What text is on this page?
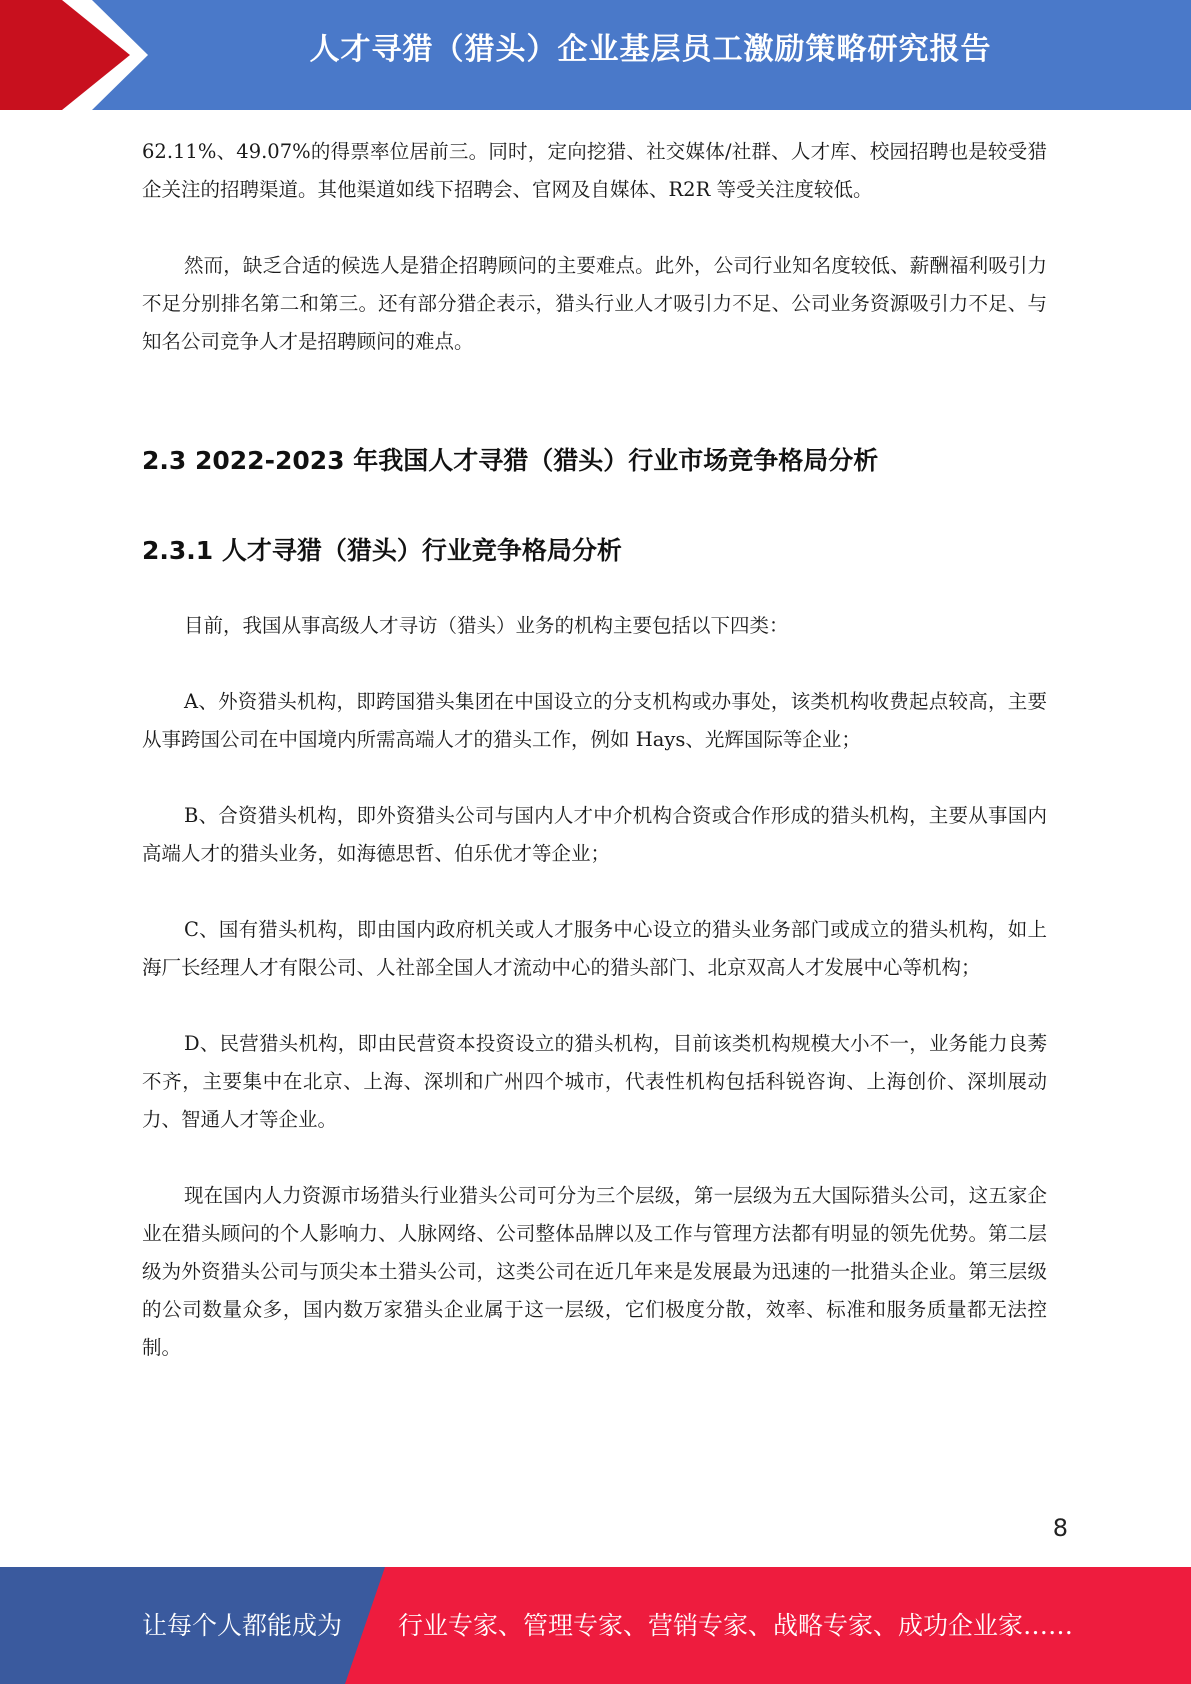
人才寻猎（猎头）企业基层员工激励策略研究报告

62.11%、49.07%的得票率位居前三。同时，定向挖猎、社交媒体/社群、人才库、校园招聘也是较受猎企关注的招聘渠道。其他渠道如线下招聘会、官网及自媒体、R2R 等受关注度较低。

然而，缺乏合适的候选人是猎企招聘顾问的主要难点。此外，公司行业知名度较低、薪酬福利吸引力不足分别排名第二和第三。还有部分猎企表示，猎头行业人才吸引力不足、公司业务资源吸引力不足、与知名公司竞争人才是招聘顾问的难点。

2.3 2022-2023 年我国人才寻猎（猎头）行业市场竞争格局分析
2.3.1 人才寻猎（猎头）行业竞争格局分析

目前，我国从事高级人才寻访（猎头）业务的机构主要包括以下四类：

A、外资猎头机构，即跨国猎头集团在中国设立的分支机构或办事处，该类机构收费起点较高，主要从事跨国公司在中国境内所需高端人才的猎头工作，例如 Hays、光辉国际等企业；

B、合资猎头机构，即外资猎头公司与国内人才中介机构合资或合作形成的猎头机构，主要从事国内高端人才的猎头业务，如海德思哲、伯乐优才等企业；

C、国有猎头机构，即由国内政府机关或人才服务中心设立的猎头业务部门或成立的猎头机构，如上海厂长经理人才有限公司、人社部全国人才流动中心的猎头部门、北京双高人才发展中心等机构；

D、民营猎头机构，即由民营资本投资设立的猎头机构，目前该类机构规模大小不一，业务能力良莠不齐，主要集中在北京、上海、深圳和广州四个城市，代表性机构包括科锐咨询、上海创价、深圳展动力、智通人才等企业。

现在国内人力资源市场猎头行业猎头公司可分为三个层级，第一层级为五大国际猎头公司，这五家企业在猎头顾问的个人影响力、人脉网络、公司整体品牌以及工作与管理方法都有明显的领先优势。第二层级为外资猎头公司与顶尖本土猎头公司，这类公司在近几年来是发展最为迅速的一批猎头企业。第三层级的公司数量众多，国内数万家猎头企业属于这一层级，它们极度分散，效率、标准和服务质量都无法控制。

8
让每个人都能成为 行业专家、管理专家、营销专家、战略专家、成功企业家……
